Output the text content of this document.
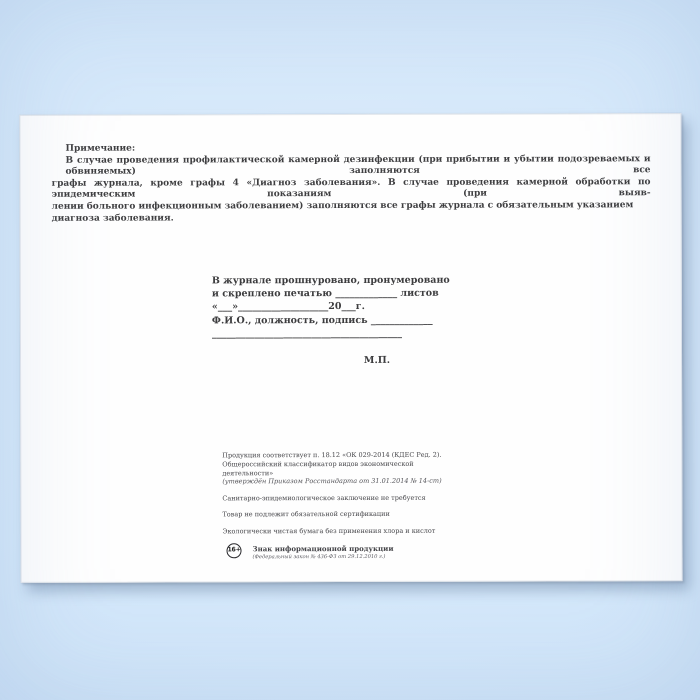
Примечание:
В случае проведения профилактической камерной дезинфекции (при прибытии и убытии подозреваемых и обвиняемых) заполняются все
графы журнала, кроме графы 4 «Диагноз заболевания». В случае проведения камерной обработки по эпидемическим показаниям (при выяв-
лении больного инфекционным заболеванием) заполняются все графы журнала с обязательным указанием диагноза заболевания.
В журнале прошнуровано, пронумеровано
и скреплено печатью _____________ листов
«___»___________________20___г.
Ф.И.О., должность, подпись _____________
________________________________________
М.П.
Продукция соответствует п. 18.12 «ОК 029-2014 (КДЕС Ред. 2).
Общероссийский классификатор видов экономической деятельности»
(утверждён Приказом Росстандарта от 31.01.2014 № 14-ст)
Санитарно-эпидемиологическое заключение не требуется
Товар не подлежит обязательной сертификации
Экологически чистая бумага без применения хлора и кислот
16+ Знак информационной продукции
(Федеральный закон № 436-ФЗ от 29.12.2010 г.)
